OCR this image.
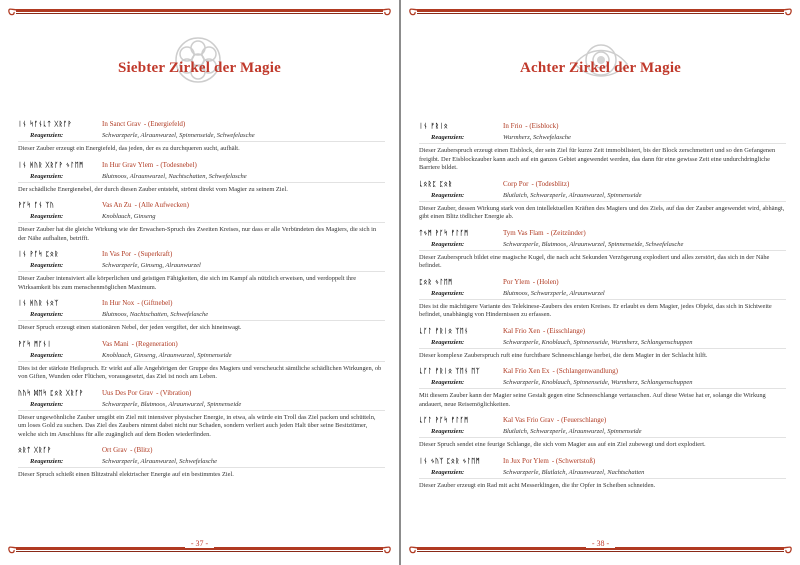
Siebter Zirkel der Magie
ᛁᚾ ᛋᚪᚾᚳᛏ ᚷᚱᚪᚹ	In Sanct Grav - (Energiefeld)
Reagenzien:	Schwarzperle, Alraunwurzel, Spinnenseide, Schwefelasche
Dieser Zauber erzeugt ein Energiefeld, das jeden, der es zu durchqueren sucht, aufhält.
ᛁᚾ ᚻᚢᚱ ᚷᚱᚪᚹ ᛃᛚᛖᛗ	In Hur Grav Ylem - (Todesnebel)
Reagenzien:	Blutmoos, Alraunwurzel, Nachtschatten, Schwefelasche
Der schädliche Energienebel, der durch diesen Zauber entsteht, strömt direkt vom Magier zu seinem Ziel.
ᚹᚪᛋ ᚪᚾ ᛉᚢ	Vas An Zu - (Alle Aufwecken)
Reagenzien:	Knoblauch, Ginseng
Dieser Zauber hat die gleiche Wirkung wie der Erwachen-Spruch des Zweiten Kreises, nur dass er alle Verbündeten des Magiers, die sich in der Nähe aufhalten, betrifft.
ᛁᚾ ᚹᚪᛋ ᛈᛟᚱ	In Vas Por - (Superkraft)
Reagenzien:	Schwarzperle, Ginseng, Alraunwurzel
Dieser Zauber intensiviert alle körperlichen und geistigen Fähigkeiten, die sich im Kampf als nützlich erweisen, und verdoppelt ihre Wirksamkeit bis zum menschenmöglichen Maximum.
ᛁᚾ ᚻᚢᚱ ᚾᛟᛉ	In Hur Nox - (Giftnebel)
Reagenzien:	Blutmoos, Nachtschatten, Schwefelasche
Dieser Spruch erzeugt einen stationären Nebel, der jeden vergiftet, der sich hineinwagt.
ᚹᚪᛋ ᛗᚪᚾᛁ	Vas Mani - (Regeneration)
Reagenzien:	Knoblauch, Ginseng, Alraunwurzel, Spinnenseide
Dies ist der stärkste Heilspruch. Er wirkt auf alle Angehörigen der Gruppe des Magiers und verscheucht sämtliche schädlichen Wirkungen, ob von Giften, Wunden oder Flüchen, vorausgesetzt, das Ziel ist noch am Leben.
ᚢᚢᛋ ᛞᛖᛋ ᛈᛟᚱ ᚷᚱᚪᚹ	Uus Des Por Grav - (Vibration)
Reagenzien:	Schwarzperle, Blutmoos, Alraunwurzel, Spinnenseide
Dieser ungewöhnliche Zauber umgibt ein Ziel mit intensiver physischer Energie, in etwa, als würde ein Troll das Ziel packen und schütteln, um loses Gold zu suchen. Das Ziel des Zaubers nimmt dabei nicht nur Schaden, sondern verliert auch jeden Halt über seine Besitztümer, welche sich im Anschluss für alle zugänglich auf dem Boden wiederfinden.
ᛟᚱᛏ ᚷᚱᚪᚹ	Ort Grav - (Blitz)
Reagenzien:	Schwarzperle, Alraunwurzel, Schwefelasche
Dieser Spruch schießt einen Blitzstrahl elektrischer Energie auf ein bestimmtes Ziel.
- 37 -
Achter Zirkel der Magie
ᛁᚾ ᚠᚱᛁᛟ	In Frio - (Eisblock)
Reagenzien:	Wurmherz, Schwefelasche
Dieser Zauberspruch erzeugt einen Eisblock, der sein Ziel für kurze Zeit immobilisiert, bis der Block zerschmettert und so den Gefangenen freigibt. Der Eisblockzauber kann auch auf ein ganzes Gebiet angewendet werden, das dann für eine gewisse Zeit eine undurchdringliche Barriere bildet.
ᚳᛟᚱᛈ ᛈᛟᚱ	Corp Por - (Todesblitz)
Reagenzien:	Blutlaich, Schwarzperle, Alraunwurzel, Spinnenseide
Dieser Zauber, dessen Wirkung stark von den intellektuellen Kräften des Magiers und des Ziels, auf das der Zauber angewendet wird, abhängt, gibt einen Blitz tödlicher Energie ab.
ᛏᛃᛗ ᚹᚪᛋ ᚠᛚᚪᛗ	Tym Vas Flam - (Zeitzünder)
Reagenzien:	Schwarzperle, Blutmoos, Alraunwurzel, Spinnenseide, Schwefelasche
Dieser Zauberspruch bildet eine magische Kugel, die nach acht Sekunden Verzögerung explodiert und alles zerstört, das sich in der Nähe befindet.
ᛈᛟᚱ ᛃᛚᛖᛗ	Por Ylem - (Holen)
Reagenzien:	Blutmoos, Schwarzperle, Alraunwurzel
Dies ist die mächtigere Variante des Telekinese-Zaubers des ersten Kreises. Er erlaubt es dem Magier, jedes Objekt, das sich in Sichtweite befindet, unabhängig von Hindernissen zu erfassen.
ᚳᚪᛚ ᚠᚱᛁᛟ ᛉᛖᚾ	Kal Frio Xen - (Eisschlange)
Reagenzien:	Schwarzperle, Knoblauch, Spinnenseide, Wurmherz, Schlangenschuppen
Dieser komplexe Zauberspruch ruft eine furchtbare Schneeschlange herbei, die dem Magier in der Schlacht hilft.
ᚳᚪᛚ ᚠᚱᛁᛟ ᛉᛖᚾ ᛖᛉ	Kal Frio Xen Ex - (Schlangenwandlung)
Reagenzien:	Schwarzperle, Knoblauch, Spinnenseide, Wurmherz, Schlangenschuppen
Mit diesem Zauber kann der Magier seine Gestalt gegen eine Schneeschlange vertauschen. Auf diese Weise hat er, solange die Wirkung andauert, neue Reisemöglichkeiten.
ᚳᚪᛚ ᚹᚪᛋ ᚠᛚᚪᛗ	Kal Vas Frio Grav - (Feuerschlange)
Reagenzien:	Blutlaich, Schwarzperle, Alraunwurzel, Spinnenseide
Dieser Spruch sendet eine feurige Schlange, die sich vom Magier aus auf ein Ziel zubewegt und dort explodiert.
ᛁᚾ ᛃᚢᛉ ᛈᛟᚱ ᛃᛚᛖᛗ	In Jux Por Ylem - (Schwertstoß)
Reagenzien:	Schwarzperle, Blutlaich, Alraunwurzel, Nachtschatten
Dieser Zauber erzeugt ein Rad mit acht Messerklingen, die ihr Opfer in Scheiben schneiden.
- 38 -
